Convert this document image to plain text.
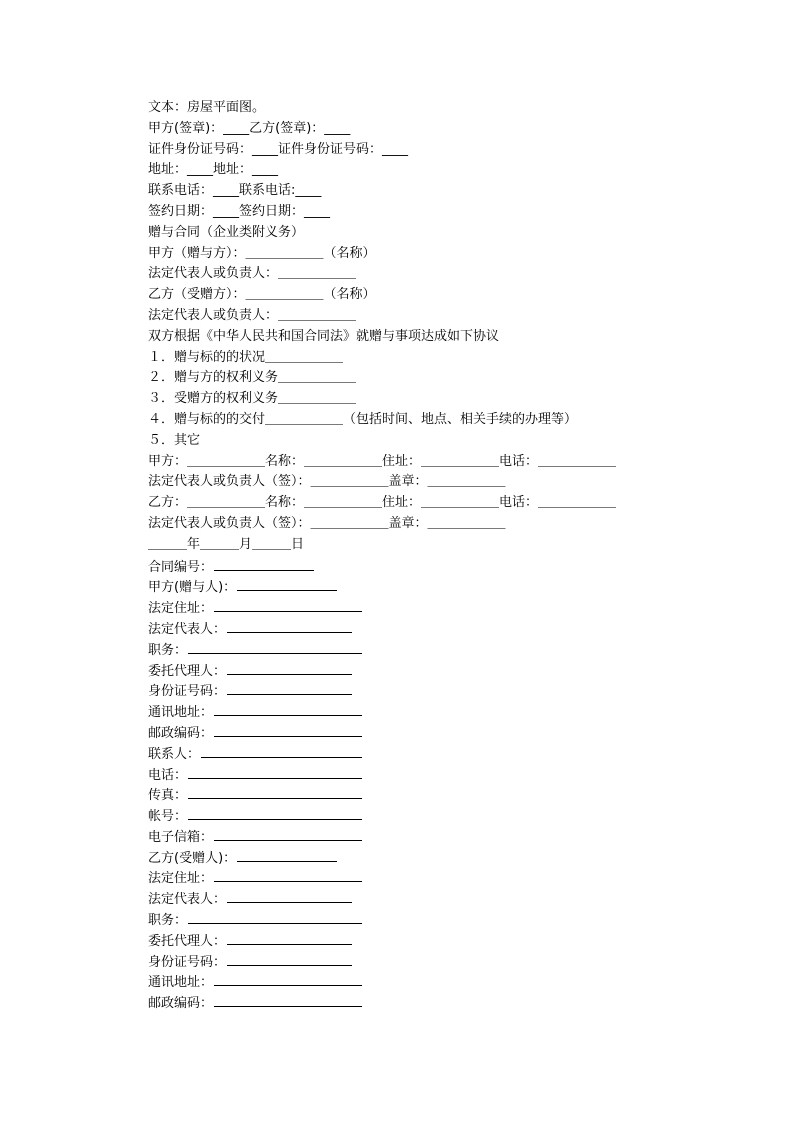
文本：房屋平面图。
甲方(签章)：____乙方(签章)：____
证件身份证号码：____证件身份证号码：____
地址：____地址：____
联系电话：____联系电话:____
签约日期：____签约日期：____
赠与合同（企业类附义务）
甲方（赠与方）：＿＿＿＿＿＿（名称）
法定代表人或负责人：＿＿＿＿＿＿
乙方（受赠方）：＿＿＿＿＿＿（名称）
法定代表人或负责人：＿＿＿＿＿＿
双方根据《中华人民共和国合同法》就赠与事项达成如下协议
１．赠与标的的状况＿＿＿＿＿＿
２．赠与方的权利义务＿＿＿＿＿＿
３．受赠方的权利义务＿＿＿＿＿＿
４．赠与标的的交付＿＿＿＿＿＿（包括时间、地点、相关手续的办理等）
５．其它
甲方：＿＿＿＿＿＿名称：＿＿＿＿＿＿住址：＿＿＿＿＿＿电话：＿＿＿＿＿＿
法定代表人或负责人（签）：＿＿＿＿＿＿盖章：＿＿＿＿＿＿
乙方：＿＿＿＿＿＿名称：＿＿＿＿＿＿住址：＿＿＿＿＿＿电话：＿＿＿＿＿＿
法定代表人或负责人（签）：＿＿＿＿＿＿盖章：＿＿＿＿＿＿
＿＿＿年＿＿＿月＿＿＿日
合同编号：
甲方(赠与人)：
法定住址：
法定代表人：
职务：
委托代理人：
身份证号码：
通讯地址：
邮政编码：
联系人：
电话：
传真：
帐号：
电子信箱：
乙方(受赠人)：
法定住址：
法定代表人：
职务：
委托代理人：
身份证号码：
通讯地址：
邮政编码：
